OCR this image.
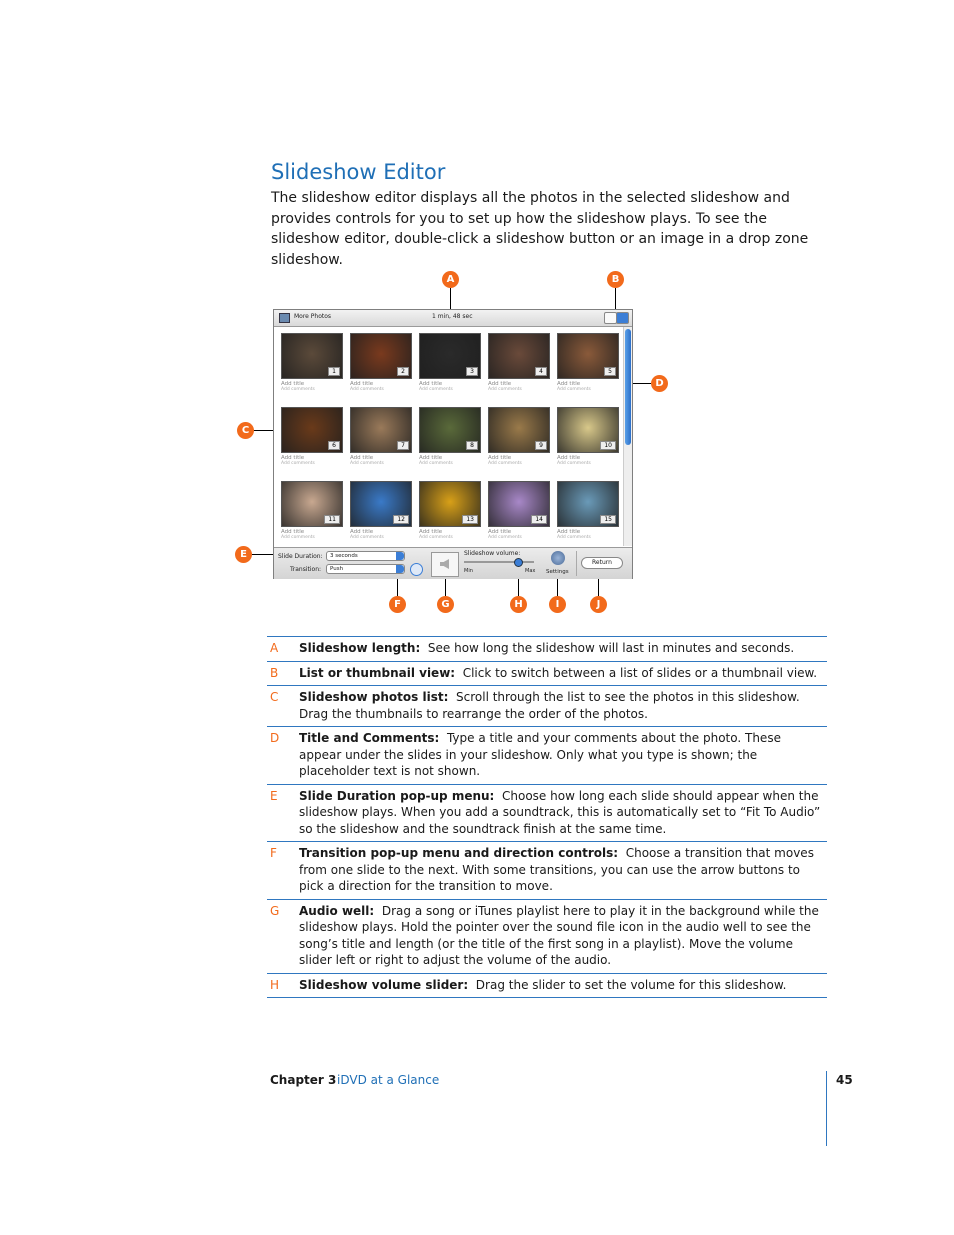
Slideshow Editor
The slideshow editor displays all the photos in the selected slideshow and provides controls for you to set up how the slideshow plays. To see the slideshow editor, double-click a slideshow button or an image in a drop zone slideshow.
A	B
C
D
E
F	G	H	I	J
More Photos	1 min, 48 sec
1
Add title
Add comments
2
Add title
Add comments
3
Add title
Add comments
4
Add title
Add comments
5
Add title
Add comments
6
Add title
Add comments
7
Add title
Add comments
8
Add title
Add comments
9
Add title
Add comments
10
Add title
Add comments
11
Add title
Add comments
12
Add title
Add comments
13
Add title
Add comments
14
Add title
Add comments
15
Add title
Add comments
Slide Duration:	3 seconds
Transition:	Push
Slideshow volume:
Min	Max Settings
Return
A	Slideshow length: See how long the slideshow will last in minutes and seconds.
B	List or thumbnail view: Click to switch between a list of slides or a thumbnail view.
C	Slideshow photos list: Scroll through the list to see the photos in this slideshow. Drag the thumbnails to rearrange the order of the photos.
D	Title and Comments: Type a title and your comments about the photo. These appear under the slides in your slideshow. Only what you type is shown; the placeholder text is not shown.
E	Slide Duration pop-up menu: Choose how long each slide should appear when the slideshow plays. When you add a soundtrack, this is automatically set to “Fit To Audio” so the slideshow and the soundtrack finish at the same time.
F	Transition pop-up menu and direction controls: Choose a transition that moves from one slide to the next. With some transitions, you can use the arrow buttons to pick a direction for the transition to move.
G	Audio well: Drag a song or iTunes playlist here to play it in the background while the slideshow plays. Hold the pointer over the sound file icon in the audio well to see the song’s title and length (or the title of the first song in a playlist). Move the volume slider left or right to adjust the volume of the audio.
H	Slideshow volume slider: Drag the slider to set the volume for this slideshow.
Chapter 3 iDVD at a Glance	45
